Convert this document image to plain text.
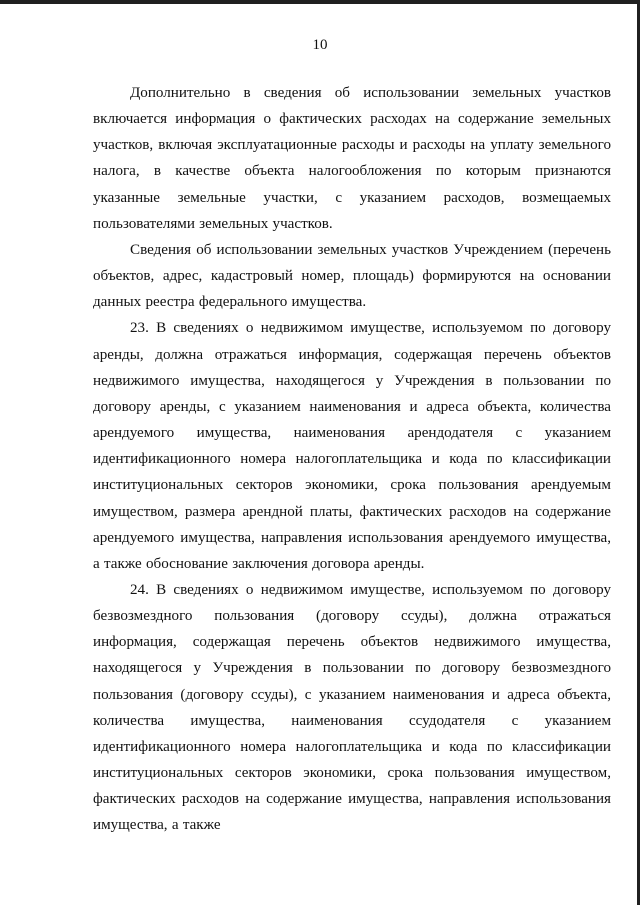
10

Дополнительно в сведения об использовании земельных участков включается информация о фактических расходах на содержание земельных участков, включая эксплуатационные расходы и расходы на уплату земельного налога, в качестве объекта налогообложения по которым признаются указанные земельные участки, с указанием расходов, возмещаемых пользователями земельных участков.

Сведения об использовании земельных участков Учреждением (перечень объектов, адрес, кадастровый номер, площадь) формируются на основании данных реестра федерального имущества.

23. В сведениях о недвижимом имуществе, используемом по договору аренды, должна отражаться информация, содержащая перечень объектов недвижимого имущества, находящегося у Учреждения в пользовании по договору аренды, с указанием наименования и адреса объекта, количества арендуемого имущества, наименования арендодателя с указанием идентификационного номера налогоплательщика и кода по классификации институциональных секторов экономики, срока пользования арендуемым имуществом, размера арендной платы, фактических расходов на содержание арендуемого имущества, направления использования арендуемого имущества, а также обоснование заключения договора аренды.

24. В сведениях о недвижимом имуществе, используемом по договору безвозмездного пользования (договору ссуды), должна отражаться информация, содержащая перечень объектов недвижимого имущества, находящегося у Учреждения в пользовании по договору безвозмездного пользования (договору ссуды), с указанием наименования и адреса объекта, количества имущества, наименования ссудодателя с указанием идентификационного номера налогоплательщика и кода по классификации институциональных секторов экономики, срока пользования имуществом, фактических расходов на содержание имущества, направления использования имущества, а также
